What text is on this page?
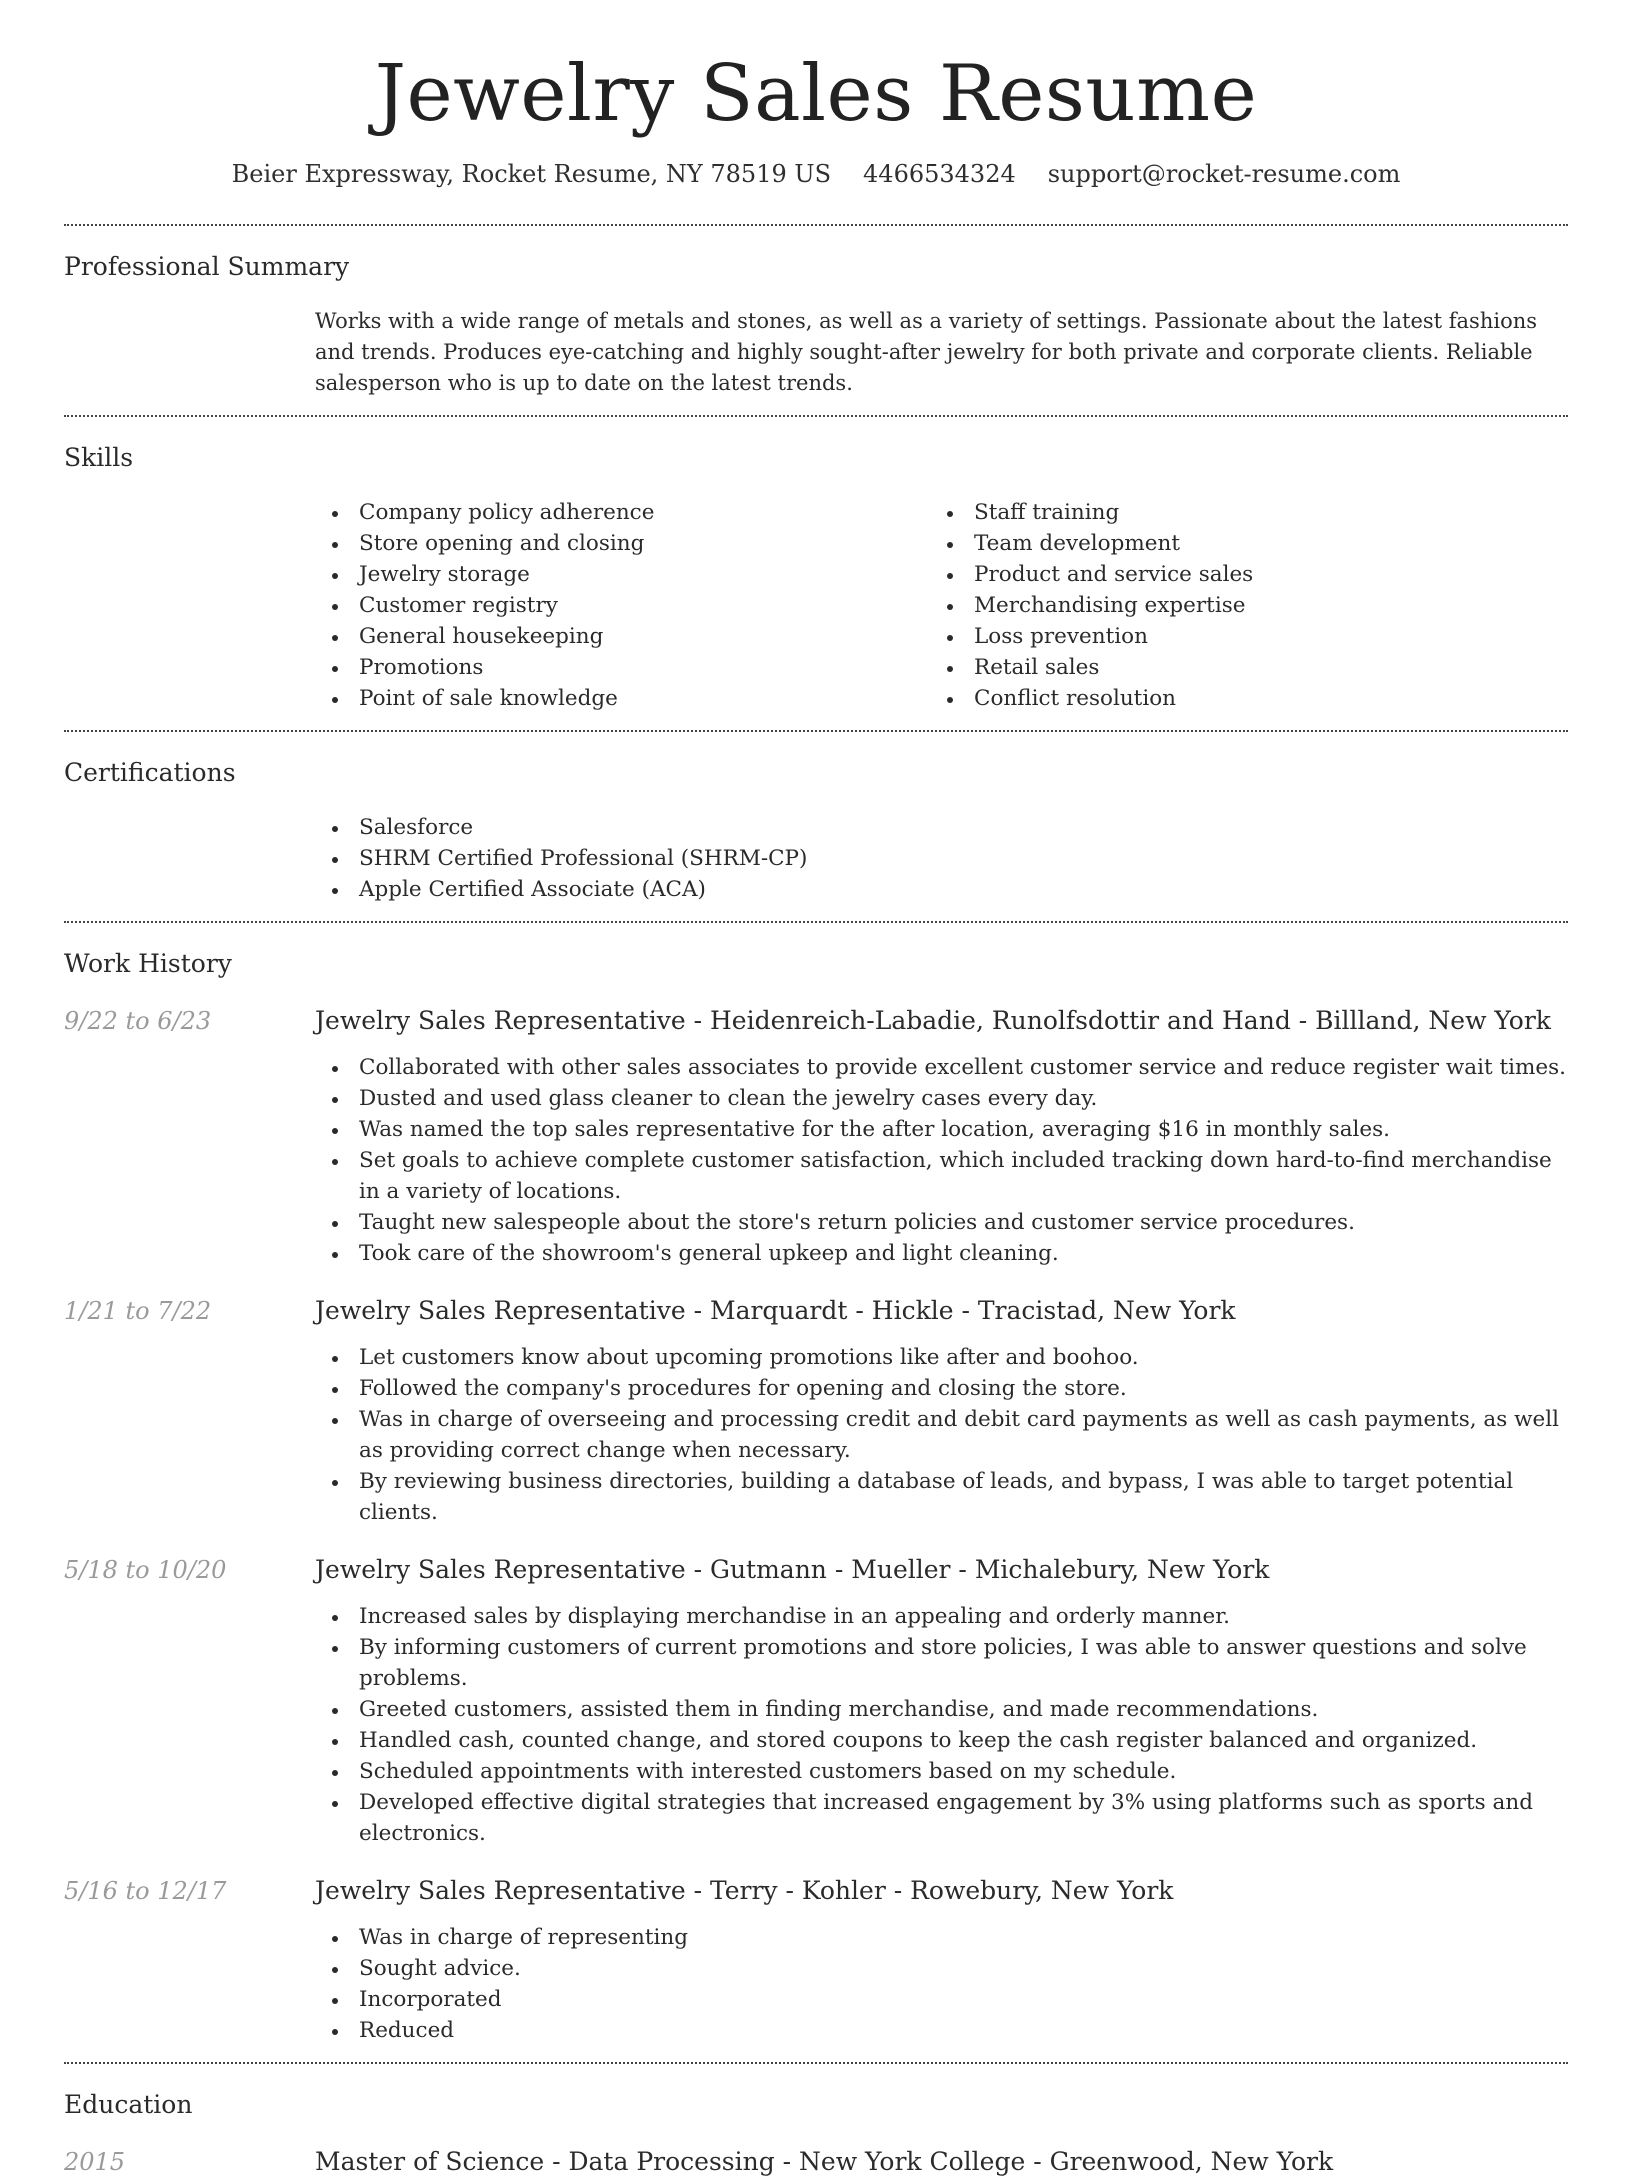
Jewelry Sales Resume
Beier Expressway, Rocket Resume, NY 78519 US 4466534324 support@rocket-resume.com
Professional Summary
Works with a wide range of metals and stones, as well as a variety of settings. Passionate about the latest fashions and trends. Produces eye-catching and highly sought-after jewelry for both private and corporate clients. Reliable salesperson who is up to date on the latest trends.
Skills
Company policy adherence
Store opening and closing
Jewelry storage
Customer registry
General housekeeping
Promotions
Point of sale knowledge
Staff training
Team development
Product and service sales
Merchandising expertise
Loss prevention
Retail sales
Conflict resolution
Certifications
Salesforce
SHRM Certified Professional (SHRM-CP)
Apple Certified Associate (ACA)
Work History
9/22 to 6/23	Jewelry Sales Representative - Heidenreich-Labadie, Runolfsdottir and Hand - Billland, New York
Collaborated with other sales associates to provide excellent customer service and reduce register wait times.
Dusted and used glass cleaner to clean the jewelry cases every day.
Was named the top sales representative for the after location, averaging $16 in monthly sales.
Set goals to achieve complete customer satisfaction, which included tracking down hard-to-find merchandise in a variety of locations.
Taught new salespeople about the store's return policies and customer service procedures.
Took care of the showroom's general upkeep and light cleaning.
1/21 to 7/22	Jewelry Sales Representative - Marquardt - Hickle - Tracistad, New York
Let customers know about upcoming promotions like after and boohoo.
Followed the company's procedures for opening and closing the store.
Was in charge of overseeing and processing credit and debit card payments as well as cash payments, as well as providing correct change when necessary.
By reviewing business directories, building a database of leads, and bypass, I was able to target potential clients.
5/18 to 10/20	Jewelry Sales Representative - Gutmann - Mueller - Michalebury, New York
Increased sales by displaying merchandise in an appealing and orderly manner.
By informing customers of current promotions and store policies, I was able to answer questions and solve problems.
Greeted customers, assisted them in finding merchandise, and made recommendations.
Handled cash, counted change, and stored coupons to keep the cash register balanced and organized.
Scheduled appointments with interested customers based on my schedule.
Developed effective digital strategies that increased engagement by 3% using platforms such as sports and electronics.
5/16 to 12/17	Jewelry Sales Representative - Terry - Kohler - Rowebury, New York
Was in charge of representing
Sought advice.
Incorporated
Reduced
Education
2015	Master of Science - Data Processing - New York College - Greenwood, New York
